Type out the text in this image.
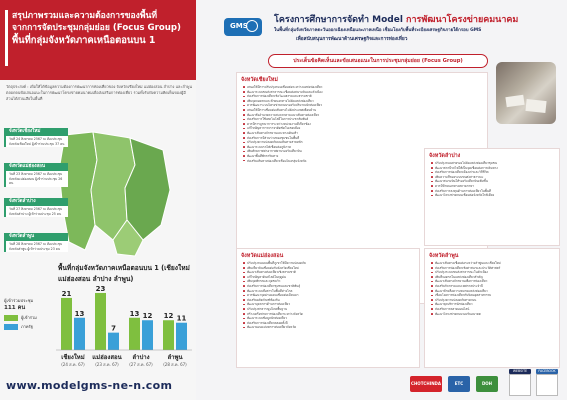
สรุปภาพรวมและความต้องการของพื้นที่
จากการจัดประชุมกลุ่มย่อย (Focus Group)
พื้นที่กลุ่มจังหวัดภาคเหนือตอนบน 1
วัตถุประสงค์ : เพื่อให้ได้ข้อมูลความต้องการพัฒนาการท่องเที่ยวของ จังหวัดเชียงใหม่ แม่ฮ่องสอน ลำปาง และลำพูน ตลอดจนข้อเสนอแนะในการพัฒนาโครงข่ายคมนาคมเพื่อส่งเสริมการท่องเที่ยว รวมทั้งรับฟังความคิดเห็นของผู้มีส่วนได้ส่วนเสียในพื้นที่
จังหวัดเชียงใหม่
วันที่ 24 สิงหาคม 2567 ณ ห้องประชุม จังหวัดเชียงใหม่ ผู้เข้าร่วมประชุม 37 คน
จังหวัดแม่ฮ่องสอน
วันที่ 23 สิงหาคม 2567 ณ ห้องประชุม จังหวัดแม่ฮ่องสอน ผู้เข้าร่วมประชุม 26 คน
จังหวัดลำปาง
วันที่ 27 สิงหาคม 2567 ณ ห้องประชุม จังหวัดลำปาง ผู้เข้าร่วมประชุม 25 คน
จังหวัดลำพูน
วันที่ 28 สิงหาคม 2567 ณ ห้องประชุม จังหวัดลำพูน ผู้เข้าร่วมประชุม 23 คน
พื้นที่กลุ่มจังหวัดภาคเหนือตอนบน 1 (เชียงใหม่ แม่ฮ่องสอน ลำปาง ลำพูน)
21
13
เชียงใหม่
(24 ส.ค. 67)
23
7
แม่ฮ่องสอน
(23 ส.ค. 67)
13 12
ลำปาง
(27 ส.ค. 67)
12 11
ลำพูน
(28 ส.ค. 67)
ผู้เข้าร่วมประชุม
111 คน
ผู้เข้าร่วม
ภาครัฐ
www.modelgms-ne-n.com
GMS
โครงการศึกษาการจัดทำ Model การพัฒนาโครงข่ายคมนาคม
ในพื้นที่กลุ่มจังหวัดภาคตะวันออกเฉียงเหนือและภาคเหนือ เชื่อมโยงกับพื้นที่ระเบียงเศรษฐกิจภายใต้กรอบ GMS
เพื่อสนับสนุนการพัฒนาด้านเศรษฐกิจและการท่องเที่ยว
ประเด็นข้อคิดเห็นและข้อเสนอแนะในการประชุมกลุ่มย่อย (Focus Group)
จังหวัดเชียงใหม่
เสนอให้มีการปรับปรุงถนนเชื่อมต่อระหว่างแหล่งท่องเที่ยว
พัฒนาระบบขนส่งสาธารณะเชื่อมต่อสนามบินและตัวเมือง
ส่งเสริมการท่องเที่ยวเชิงวัฒนธรรมและธรรมชาติ
เพิ่มจุดจอดรถและป้ายบอกทางไปยังแหล่งท่องเที่ยว
ควรพัฒนาระบบโครงข่ายถนนรองรับปริมาณนักท่องเที่ยว
เสนอให้มีการเชื่อมต่อเส้นทางไปยังประเทศเพื่อนบ้าน
พัฒนาสิ่งอำนวยความสะดวกตามแนวเส้นทางท่องเที่ยว
ส่งเสริมการใช้เทคโนโลยีในการประชาสัมพันธ์
ควรมีการบูรณาการระหว่างหน่วยงานที่เกี่ยวข้อง
แก้ไขปัญหาการจราจรติดขัดในเขตเมือง
พัฒนาเส้นทางจักรยานและทางเดินเท้า
ส่งเสริมการมีส่วนร่วมของชุมชนในพื้นที่
ปรับปรุงความปลอดภัยบนเส้นทางสายหลัก
พัฒนาระบบรถไฟเชื่อมต่อภูมิภาค
เพิ่มศักยภาพท่าอากาศยานรองรับเที่ยวบิน
พัฒนาพื้นที่พักรถริมทาง
ส่งเสริมเส้นทางท่องเที่ยวเชื่อมโยงกลุ่มจังหวัด
จังหวัดลำปาง
ปรับปรุงถนนสายรองไปยังแหล่งท่องเที่ยวชุมชน
พัฒนาสถานีรถไฟให้เป็นจุดเชื่อมต่อการเดินทาง
ส่งเสริมการท่องเที่ยวเมืองเก่าและวิถีชีวิต
เพิ่มความถี่ของระบบขนส่งสาธารณะ
พัฒนาสนามบินให้รองรับเที่ยวบินเพิ่มขึ้น
ควรมีป้ายบอกทางหลายภาษา
ส่งเสริมการลงทุนด้านการท่องเที่ยวในพื้นที่
พัฒนาโครงข่ายถนนเชื่อมต่อจังหวัดใกล้เคียง
จังหวัดแม่ฮ่องสอน
ปรับปรุงถนนบนพื้นที่ภูเขาให้มีความปลอดภัย
เพิ่มเที่ยวบินเชื่อมต่อกับจังหวัดเชียงใหม่
พัฒนาเส้นทางท่องเที่ยวเชิงธรรมชาติ
แก้ไขปัญหาดินสไลด์ในฤดูฝน
เพิ่มจุดพักรถและจุดชมวิว
ส่งเสริมการท่องเที่ยวชุมชนและชาติพันธุ์
พัฒนาระบบสื่อสารในพื้นที่ห่างไกล
ควรพัฒนาจุดผ่านแดนเชื่อมต่อเมียนมา
ส่งเสริมผลิตภัณฑ์ท้องถิ่น
พัฒนาบุคลากรด้านการท่องเที่ยว
ปรับปรุงสาธารณูปโภคพื้นฐาน
สร้างเครือข่ายการท่องเที่ยวระหว่างจังหวัด
พัฒนาระบบข้อมูลนักท่องเที่ยว
ส่งเสริมการท่องเที่ยวตลอดทั้งปี
พัฒนาแผนแม่บทการท่องเที่ยวจังหวัด
จังหวัดลำพูน
พัฒนาเส้นทางเชื่อมต่อระหว่างลำพูนและเชียงใหม่
ส่งเสริมการท่องเที่ยวเชิงศาสนาและประวัติศาสตร์
ปรับปรุงระบบขนส่งสาธารณะในตัวเมือง
เพิ่มที่จอดรถในแหล่งท่องเที่ยวสำคัญ
พัฒนาเส้นทางจักรยานเพื่อการท่องเที่ยว
ส่งเสริมกิจกรรมและเทศกาลประจำปี
พัฒนาป้ายสื่อความหมายแหล่งท่องเที่ยว
เชื่อมโยงการท่องเที่ยวกับนิคมอุตสาหกรรม
ปรับปรุงความปลอดภัยทางถนน
พัฒนาจุดบริการนักท่องเที่ยว
ส่งเสริมการตลาดออนไลน์
พัฒนาโครงข่ายถนนรองรับอนาคต
CHOTCHINDA	ETC	DOH
WEBSITE	FACEBOOK
